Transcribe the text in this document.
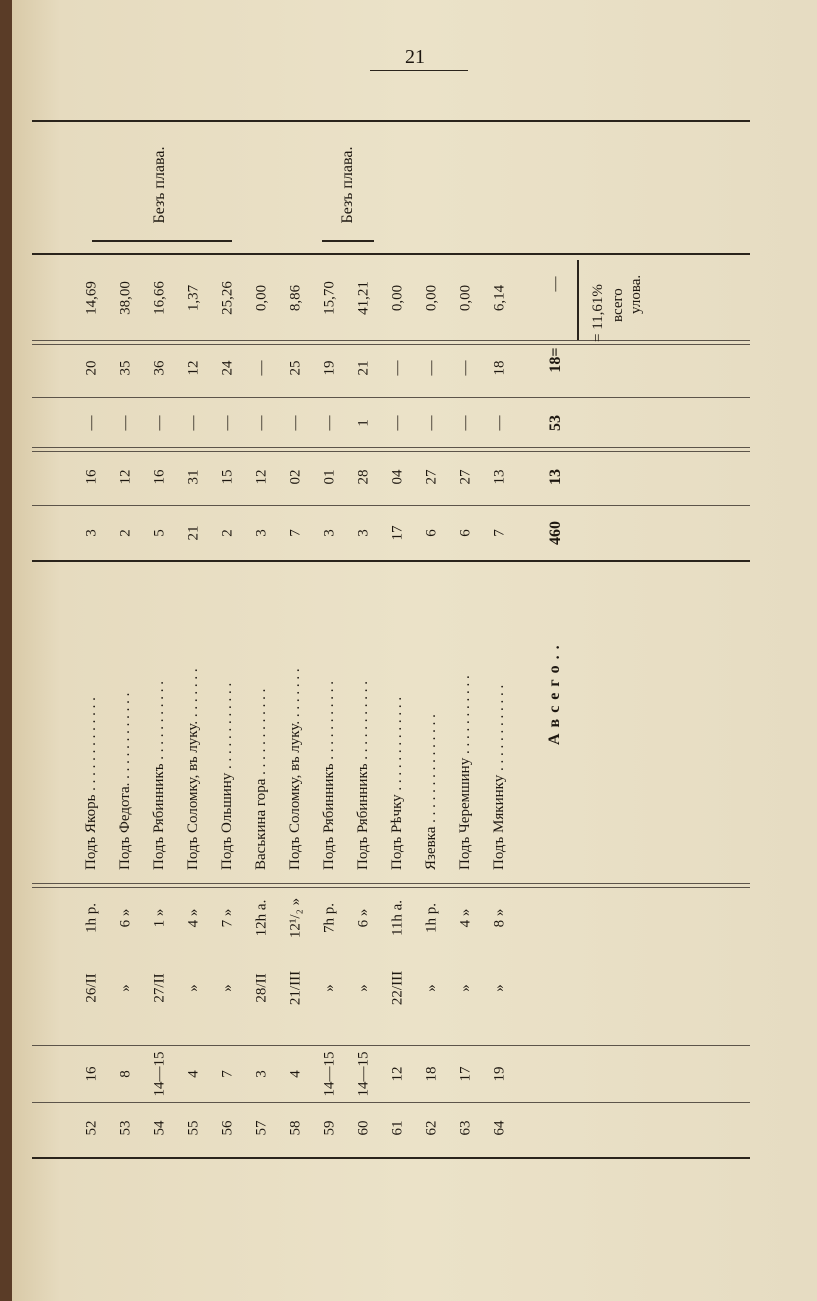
21
Безъ плава.	Безъ плава.
52
16
26/II
1h р.
Подъ Якорь . . . . . . . . . . . . .
3
16
—
20
14,69
53
8
»
6 »
Подъ Федота. . . . . . . . . . . . .
2
12
—
35
38,00
54
14—15
27/II
1 »
Подъ Рябинникъ . . . . . . . . . . .
5
16
—
36
16,66
55
4
»
4 »
Подъ Соломку, въ луку. . . . . . . .
21
31
—
12
1,37
56
7
»
7 »
Подъ Ольшину . . . . . . . . . . . .
2
15
—
24
25,26
57
3
28/II
12h а.
Васькина гора . . . . . . . . . . . .
3
12
—
—
0,00
58
4
21/III
12¹/₂ »
Подъ Соломку, въ луку. . . . . . . .
7
02
—
25
8,86
59
14—15
»
7h р.
Подъ Рябинникъ . . . . . . . . . . .
3
01
—
19
15,70
60
14—15
»
6 »
Подъ Рябинникъ . . . . . . . . . . .
3
28
1
21
41,21
61
12
22/III
11h а.
Подъ Рѣчку . . . . . . . . . . . . .
17
04
—
—
0,00
62
18
»
1h р.
Язевка . . . . . . . . . . . . . . .
6
27
—
—
0,00
63
17
»
4 »
Подъ Черемшину . . . . . . . . . . .
6
27
—
—
0,00
64
19
»
8 »
Подъ Мякинку . . . . . . . . . . . .
7
13
—
18
6,14
А в с е г о . .
460
13
53
18=
—
= 11,61% всего улова.
